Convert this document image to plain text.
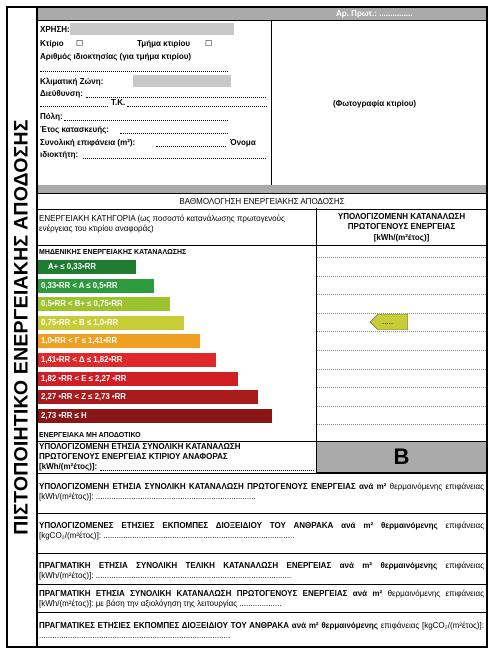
ΠΙΣΤΟΠΟΙΗΤΙΚΟ ΕΝΕΡΓΕΙΑΚΗΣ ΑΠΟΔΟΣΗΣ
Αρ. Πρωτ.: ...............
ΧΡΗΣΗ:
Κτίριο ☐	Τμήμα κτιρίου ☐
Αριθμός ιδιοκτησίας (για τμήμα κτιρίου)
Κλιματική Ζώνη:
Διεύθυνση:
Τ.Κ.
Πόλη:
Έτος κατασκευής:
Συνολική επιφάνεια (m²):	Όνομα
ιδιοκτήτη:
(Φωτογραφία κτιρίου)
ΒΑΘΜΟΛΟΓΗΣΗ ΕΝΕΡΓΕΙΑΚΗΣ ΑΠΟΔΟΣΗΣ
ΕΝΕΡΓΕΙΑΚΗ ΚΑΤΗΓΟΡΙΑ (ως ποσοστό κατανάλωσης πρωτογενούς ενέργειας του κτιρίου αναφοράς)
ΥΠΟΛΟΓΙΖΟΜΕΝΗ ΚΑΤΑΝΑΛΩΣΗ
ΠΡΩΤΟΓΕΝΟΥΣ ΕΝΕΡΓΕΙΑΣ
[kWh/(m²έτος)]
ΜΗΔΕΝΙΚΗΣ ΕΝΕΡΓΕΙΑΚΗΣ ΚΑΤΑΝΑΛΩΣΗΣ
A+ ≤ 0,33•RR
0,33•RR < A ≤ 0,5•RR
0,5•RR < B+ ≤ 0,75•RR
0,75•RR < B ≤ 1,0•RR
1,0•RR < Γ ≤ 1,41•RR
1,41•RR < Δ ≤ 1,82•RR
1,82 •RR < E ≤ 2,27 •RR
2,27 •RR < Z ≤ 2,73 •RR
2,73 •RR ≤ H
.....
ΕΝΕΡΓΕΙΑΚΑ ΜΗ ΑΠΟΔΟΤΙΚΟ
ΥΠΟΛΟΓΙΖΟΜΕΝΗ ΕΤΗΣΙΑ ΣΥΝΟΛΙΚΗ ΚΑΤΑΝΑΛΩΣΗ
ΠΡΩΤΟΓΕΝΟΥΣ ΕΝΕΡΓΕΙΑΣ ΚΤΙΡΙΟΥ ΑΝΑΦΟΡΑΣ
[kWh/(m²έτος)]:	B
ΥΠΟΛΟΓΙΖΟΜΕΝΗ ΕΤΗΣΙΑ ΣΥΝΟΛΙΚΗ ΚΑΤΑΝΑΛΩΣΗ ΠΡΩΤΟΓΕΝΟΥΣ ΕΝΕΡΓΕΙΑΣ ανά m² θερμαινόμενης επιφάνειας [kWh/(m²έτος)]: ........................................................................
ΥΠΟΛΟΓΙΖΟΜΕΝΕΣ ΕΤΗΣΙΕΣ ΕΚΠΟΜΠΕΣ ΔΙΟΞΕΙΔΙΟΥ ΤΟΥ ΑΝΘΡΑΚΑ ανά m² θερμαινόμενης επιφάνειας [kgCO₂/(m²έτος)]: ......................................................................................
ΠΡΑΓΜΑΤΙΚΗ ΕΤΗΣΙΑ ΣΥΝΟΛΙΚΗ ΤΕΛΙΚΗ ΚΑΤΑΝΑΛΩΣΗ ΕΝΕΡΓΕΙΑΣ ανά m² θερμαινόμενης επιφάνειας [kWh/(m²έτος)]: ........................................................................................
ΠΡΑΓΜΑΤΙΚΗ ΕΤΗΣΙΑ ΣΥΝΟΛΙΚΗ ΚΑΤΑΝΑΛΩΣΗ ΠΡΩΤΟΓΕΝΟΥΣ ΕΝΕΡΓΕΙΑΣ ανά m² θερμαινόμενης επιφάνειας [kWh/(m²έτος)]: με βάση την αξιολόγηση της λειτουργίας ...................
ΠΡΑΓΜΑΤΙΚΕΣ ΕΤΗΣΙΕΣ ΕΚΠΟΜΠΕΣ ΔΙΟΞΕΙΔΙΟΥ ΤΟΥ ΑΝΘΡΑΚΑ ανά m² θερμαινόμενης επιφάνειας [kgCO₂/(m²έτος)]: ......................................................................................
